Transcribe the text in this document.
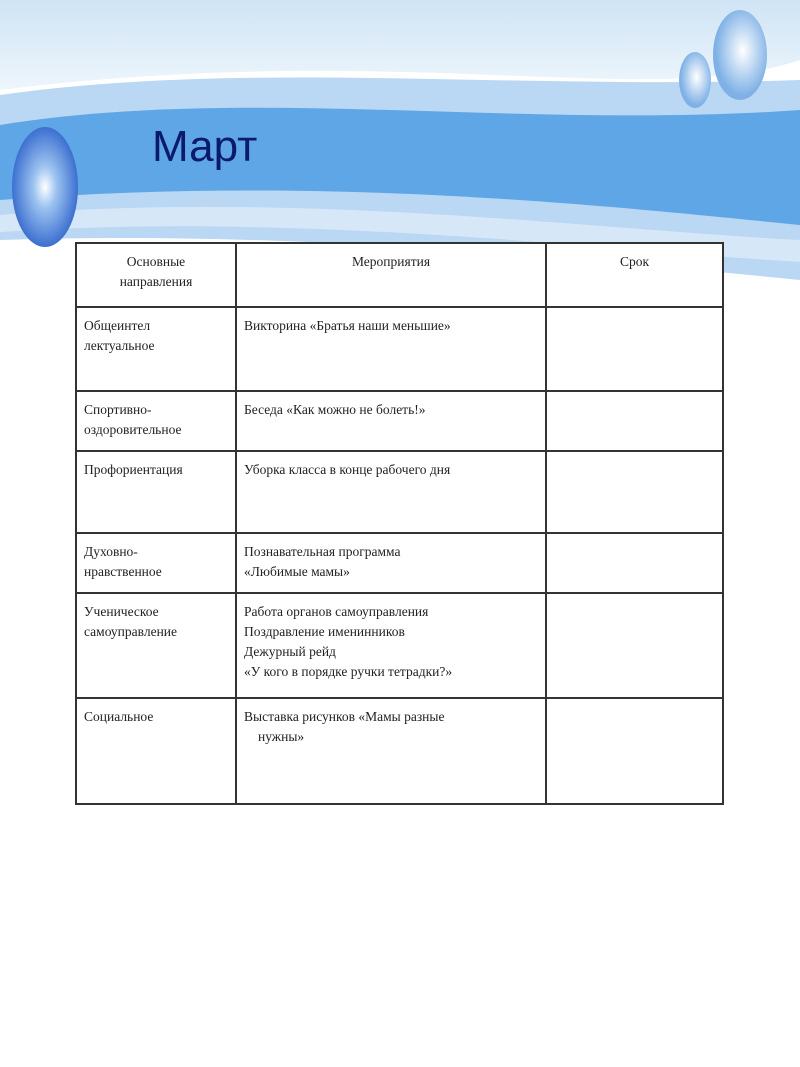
Март
Основные
направления	Мероприятия	Срок

Общеинтел
лектуальное	Викторина «Братья наши меньшие»	

Спортивно-
оздоровительное	Беседа «Как можно не болеть!»	

Профориентация	Уборка класса в конце рабочего дня	

Духовно-
нравственное	Познавательная программа
«Любимые мамы»	

Ученическое
самоуправление	Работа органов самоуправления
Поздравление именинников
Дежурный рейд
«У кого в порядке ручки тетрадки?»	

Социальное	Выставка рисунков «Мамы разные
нужны»	
